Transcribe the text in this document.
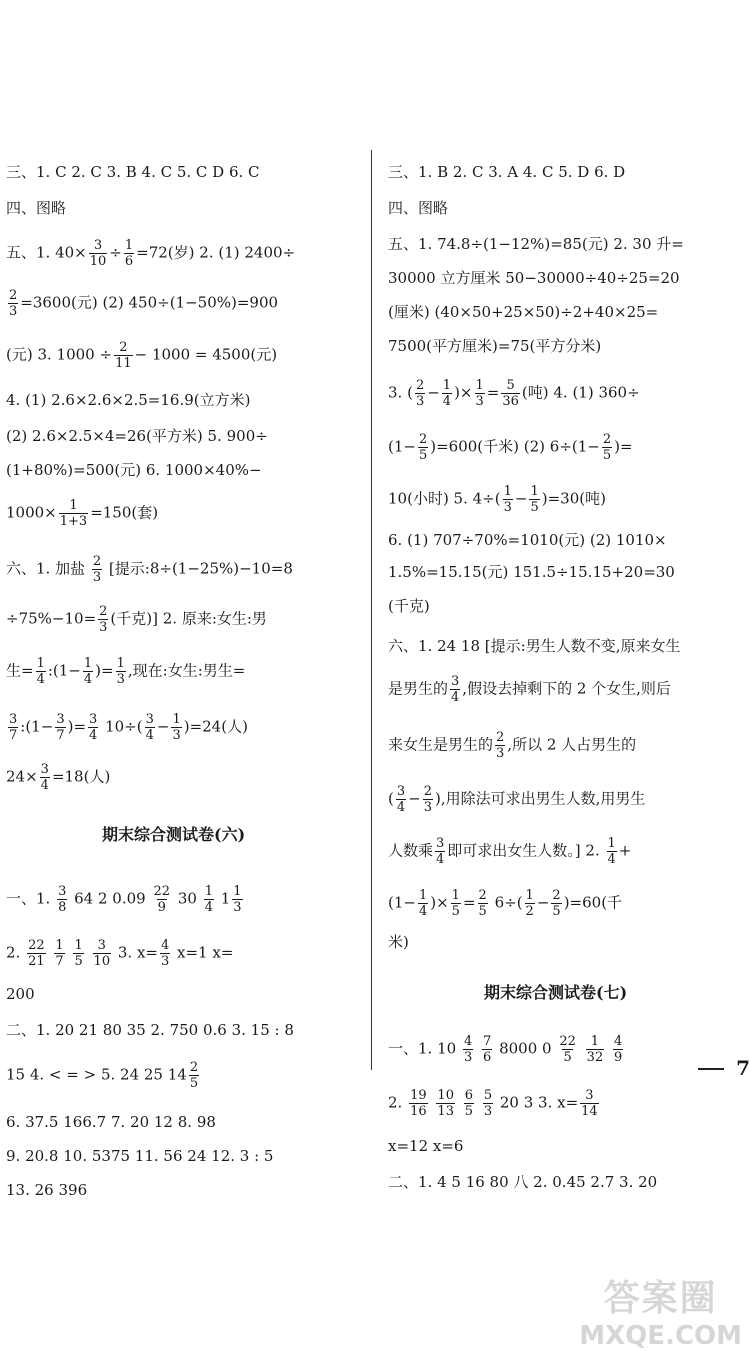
三、1. C 2. C 3. B 4. C 5. C D 6. C
四、图略
五、1. $40\times \frac{3}{10} \div \frac{1}{6} =72$(岁) 2. (1) 2400÷
$\frac{2}{3} =3600$(元) (2) 450÷(1−50%)=900
(元) 3. $1000 \div \frac{2}{11} - 1000 = 4500$(元)
4. (1) 2.6×2.6×2.5=16.9(立方米)
(2) 2.6×2.5×4=26(平方米) 5. 900÷
(1+80%)=500(元) 6. 1000×40%−
$1000\times \frac{1}{1+3} =150$(套)
六、1. 加盐 $\frac{2}{3}$ [提示:8÷(1−25%)−10=8
$\div 75\%-10= \frac{2}{3}$ (千克)] 2. 原来:女生:男
生= $\frac{1}{4}$ :(1− $\frac{1}{4}$ )= $\frac{1}{3}$ ,现在:女生:男生=
$\frac{3}{7}$ :(1− $\frac{3}{7}$ )= $\frac{3}{4} 10\div( \frac{3}{4} - \frac{1}{3} )=24$(人)
$24\times \frac{3}{4} =18$(人)
期末综合测试卷(六)
一、1. $\frac{3}{8} 64$ 2 $0.09 \frac{22}{9} 30 \frac{1}{4} 1 \frac{1}{3}$
2. $\frac{22}{21}$
$\frac{1}{7}$
$\frac{1}{5}$
$\frac{3}{10} 3$. $x= \frac{4}{3} x=1$ x=
200
二、1. 20 21 80 35 2. 750 0.6 3. 15 : 8
15 4. < = > 5. 24 25 $14 \frac{2}{5}$
6. 37.5 166.7 7. 20 12 8. 98
9. 20.8 10. 5375 11. 56 24 12. 3 : 5
13. 26 396
三、1. B 2. C 3. A 4. C 5. D 6. D
四、图略
五、1. 74.8÷(1−12%)=85(元) 2. 30 升=
30000 立方厘米 50−30000÷40÷25=20
(厘米) (40×50+25×50)÷2+40×25=
7500(平方厘米)=75(平方分米)
3. ( $\frac{2}{3} - \frac{1}{4}$ )× $\frac{1}{3} = \frac{5}{36}$ (吨) 4. (1) 360÷
$(1- \frac{2}{5} )=600$(千米) (2) $6\div(1- \frac{2}{5}$ )=
10(小时) 5. $4\div( \frac{1}{3} - \frac{1}{5} )=30$(吨)
6. (1) 707÷70%=1010(元) (2) 1010×
1.5%=15.15(元) 151.5÷15.15+20=30
(千克)
六、1. 24 18 [提示:男生人数不变,原来女生
是男生的 $\frac{3}{4}$ ,假设去掉剩下的 2 个女生,则后
来女生是男生的 $\frac{2}{3}$ ,所以 2 人占男生的
( $\frac{3}{4} - \frac{2}{3}$ ),用除法可求出男生人数,用男生
人数乘 $\frac{3}{4}$ 即可求出女生人数。] 2. $\frac{1}{4}$ +
($1- \frac{1}{4}$ )× $\frac{1}{5} = \frac{2}{5} 6\div( \frac{1}{2} - \frac{2}{5} )=60$(千
米)
期末综合测试卷(七)
一、1. $10 \frac{4}{3}$
$\frac{7}{6} 8000$ $0 \frac{22}{5}$
$\frac{1}{32}$
$\frac{4}{9}$
2. $\frac{19}{16}$
$\frac{10}{13}$
$\frac{6}{5}$
$\frac{5}{3} 20$ 3 3. $x= \frac{3}{14}$
x=12 x=6
二、1. 4 5 16 80 八 2. 0.45 2.7 3. 20
7
答案圈
MXQE.COM
